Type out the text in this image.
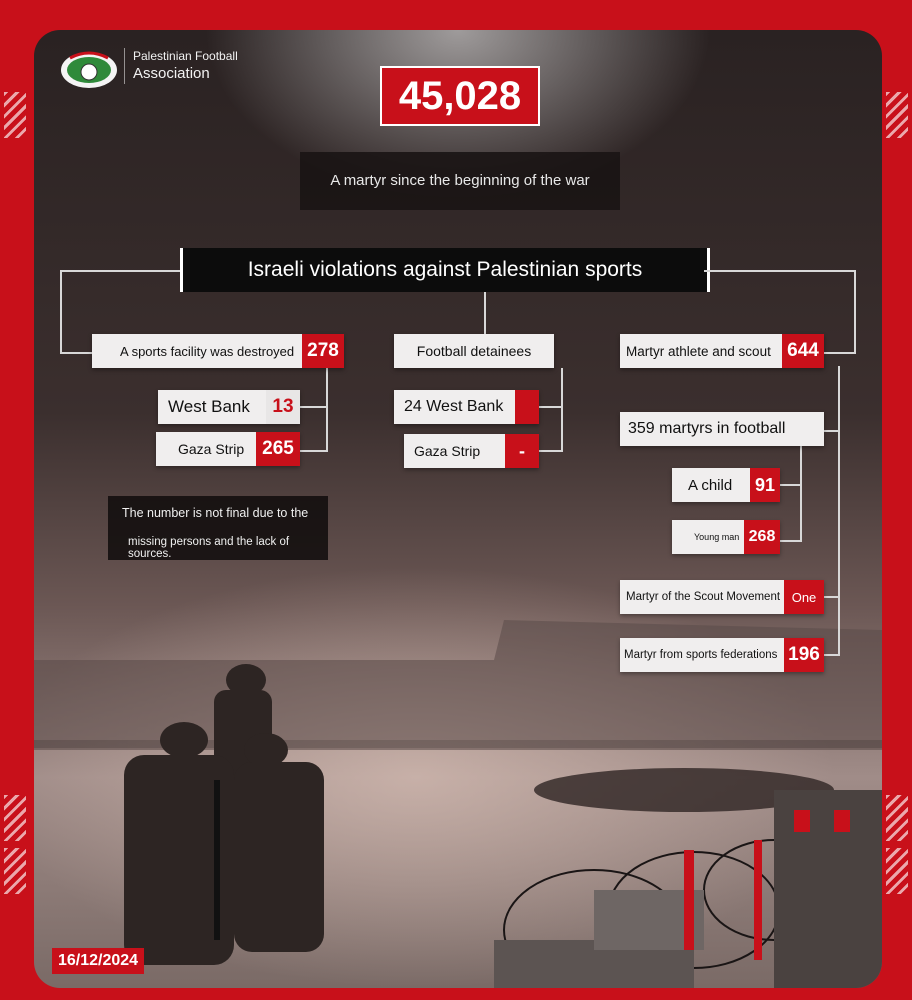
Palestinian Football
Association
45,028
A martyr since the beginning of the war
Israeli violations against Palestinian sports
A sports facility was destroyed 278
West Bank	13
Gaza Strip 265
Football detainees
24 West Bank
Gaza Strip	-
Martyr athlete and scout 644
359 martyrs in football
A child	91
Young man 268
Martyr of the Scout Movement One
Martyr from sports federations 196
The number is not final due to the
missing persons and the lack of sources.
16/12/2024
